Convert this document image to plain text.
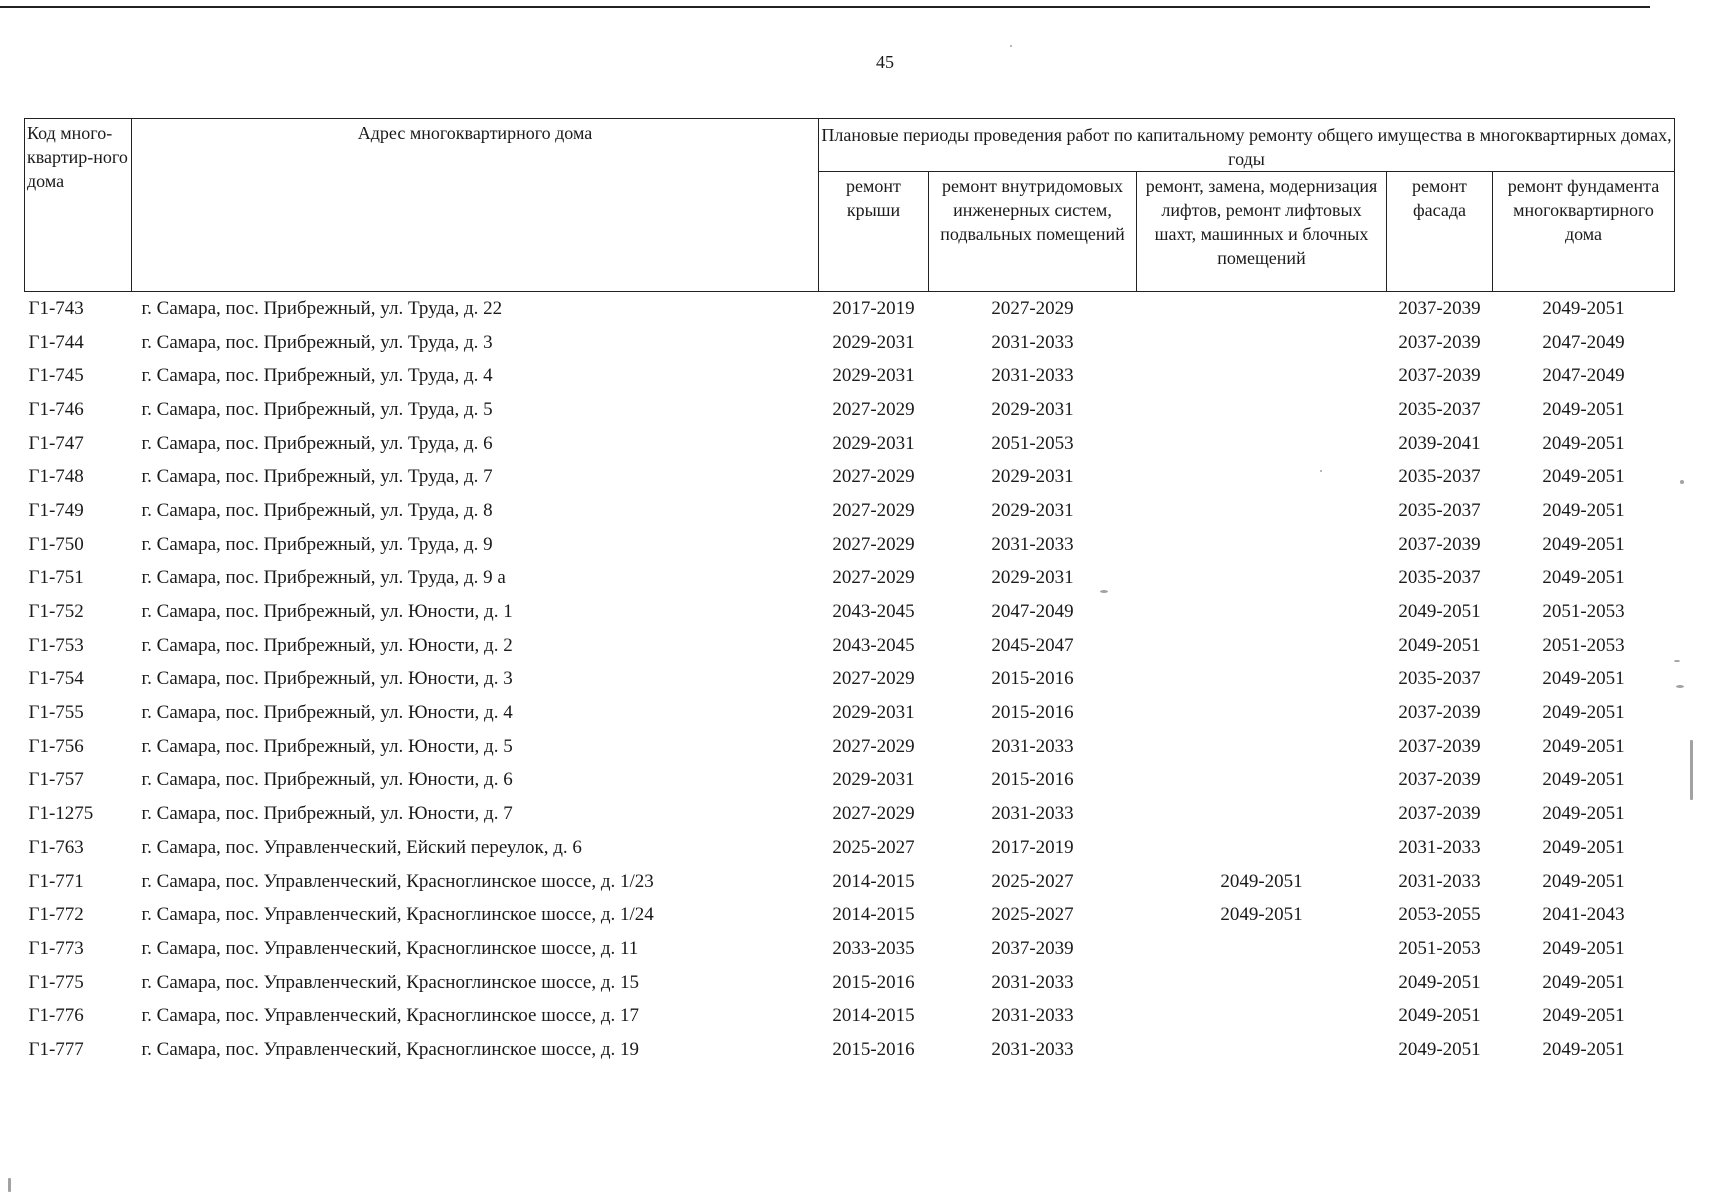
45
Код много-квартир-ного дома	Адрес многоквартирного дома	Плановые периоды проведения работ по капитальному ремонту общего имущества в многоквартирных домах, годы				
		ремонт крыши	ремонт внутридомовых инженерных систем, подвальных помещений	ремонт, замена, модернизация лифтов, ремонт лифтовых шахт, машинных и блочных помещений	ремонт фасада	ремонт фундамента многоквартирного дома
Г1-743	г. Самара, пос. Прибрежный, ул. Труда, д. 22	2017-2019	2027-2029		2037-2039	2049-2051
Г1-744	г. Самара, пос. Прибрежный, ул. Труда, д. 3	2029-2031	2031-2033		2037-2039	2047-2049
Г1-745	г. Самара, пос. Прибрежный, ул. Труда, д. 4	2029-2031	2031-2033		2037-2039	2047-2049
Г1-746	г. Самара, пос. Прибрежный, ул. Труда, д. 5	2027-2029	2029-2031		2035-2037	2049-2051
Г1-747	г. Самара, пос. Прибрежный, ул. Труда, д. 6	2029-2031	2051-2053		2039-2041	2049-2051
Г1-748	г. Самара, пос. Прибрежный, ул. Труда, д. 7	2027-2029	2029-2031		2035-2037	2049-2051
Г1-749	г. Самара, пос. Прибрежный, ул. Труда, д. 8	2027-2029	2029-2031		2035-2037	2049-2051
Г1-750	г. Самара, пос. Прибрежный, ул. Труда, д. 9	2027-2029	2031-2033		2037-2039	2049-2051
Г1-751	г. Самара, пос. Прибрежный, ул. Труда, д. 9 а	2027-2029	2029-2031		2035-2037	2049-2051
Г1-752	г. Самара, пос. Прибрежный, ул. Юности, д. 1	2043-2045	2047-2049		2049-2051	2051-2053
Г1-753	г. Самара, пос. Прибрежный, ул. Юности, д. 2	2043-2045	2045-2047		2049-2051	2051-2053
Г1-754	г. Самара, пос. Прибрежный, ул. Юности, д. 3	2027-2029	2015-2016		2035-2037	2049-2051
Г1-755	г. Самара, пос. Прибрежный, ул. Юности, д. 4	2029-2031	2015-2016		2037-2039	2049-2051
Г1-756	г. Самара, пос. Прибрежный, ул. Юности, д. 5	2027-2029	2031-2033		2037-2039	2049-2051
Г1-757	г. Самара, пос. Прибрежный, ул. Юности, д. 6	2029-2031	2015-2016		2037-2039	2049-2051
Г1-1275	г. Самара, пос. Прибрежный, ул. Юности, д. 7	2027-2029	2031-2033		2037-2039	2049-2051
Г1-763	г. Самара, пос. Управленческий, Ейский переулок, д. 6	2025-2027	2017-2019		2031-2033	2049-2051
Г1-771	г. Самара, пос. Управленческий, Красноглинское шоссе, д. 1/23	2014-2015	2025-2027	2049-2051	2031-2033	2049-2051
Г1-772	г. Самара, пос. Управленческий, Красноглинское шоссе, д. 1/24	2014-2015	2025-2027	2049-2051	2053-2055	2041-2043
Г1-773	г. Самара, пос. Управленческий, Красноглинское шоссе, д. 11	2033-2035	2037-2039		2051-2053	2049-2051
Г1-775	г. Самара, пос. Управленческий, Красноглинское шоссе, д. 15	2015-2016	2031-2033		2049-2051	2049-2051
Г1-776	г. Самара, пос. Управленческий, Красноглинское шоссе, д. 17	2014-2015	2031-2033		2049-2051	2049-2051
Г1-777	г. Самара, пос. Управленческий, Красноглинское шоссе, д. 19	2015-2016	2031-2033		2049-2051	2049-2051
